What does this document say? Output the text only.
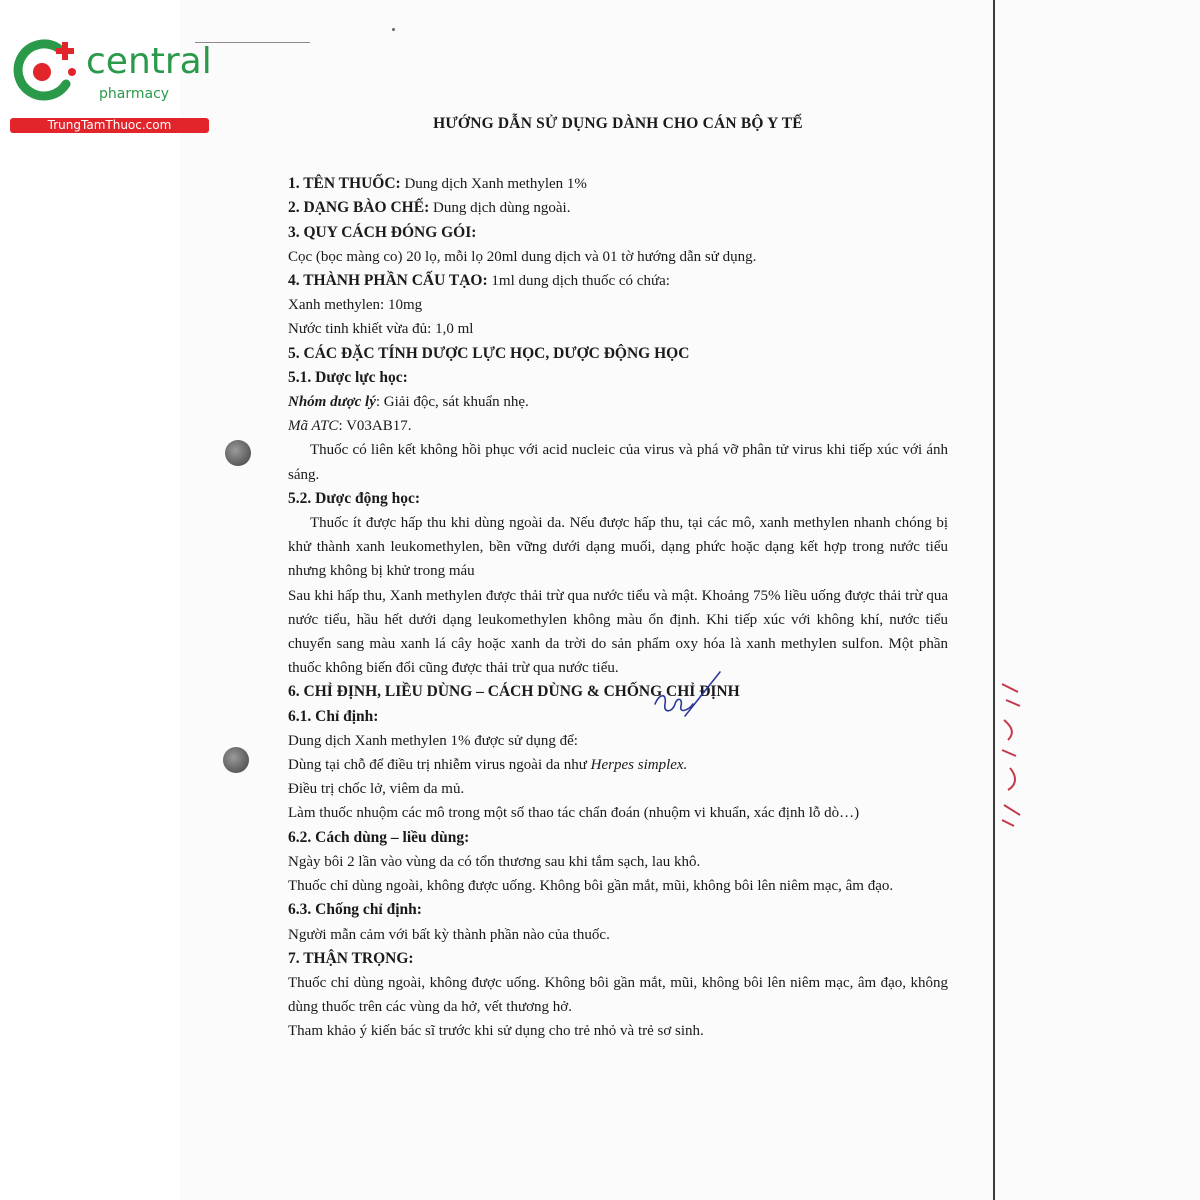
central
pharmacy
TrungTamThuoc.com	HƯỚNG DẪN SỬ DỤNG DÀNH CHO CÁN BỘ Y TẾ

1. TÊN THUỐC: Dung dịch Xanh methylen 1%

2. DẠNG BÀO CHẾ: Dung dịch dùng ngoài.

3. QUY CÁCH ĐÓNG GÓI:

Cọc (bọc màng co) 20 lọ, mỗi lọ 20ml dung dịch và 01 tờ hướng dẫn sử dụng.

4. THÀNH PHẦN CẤU TẠO: 1ml dung dịch thuốc có chứa:

Xanh methylen: 10mg

Nước tinh khiết vừa đủ: 1,0 ml

5. CÁC ĐẶC TÍNH DƯỢC LỰC HỌC, DƯỢC ĐỘNG HỌC

5.1. Dược lực học:

Nhóm dược lý: Giải độc, sát khuẩn nhẹ.

Mã ATC: V03AB17.

Thuốc có liên kết không hồi phục với acid nucleic của virus và phá vỡ phân tử virus khi tiếp xúc với ánh sáng.

5.2. Dược động học:

Thuốc ít được hấp thu khi dùng ngoài da. Nếu được hấp thu, tại các mô, xanh methylen nhanh chóng bị khử thành xanh leukomethylen, bền vững dưới dạng muối, dạng phức hoặc dạng kết hợp trong nước tiểu nhưng không bị khử trong máu

Sau khi hấp thu, Xanh methylen được thải trừ qua nước tiểu và mật. Khoảng 75% liều uống được thải trừ qua nước tiểu, hầu hết dưới dạng leukomethylen không màu ổn định. Khi tiếp xúc với không khí, nước tiểu chuyển sang màu xanh lá cây hoặc xanh da trời do sản phẩm oxy hóa là xanh methylen sulfon. Một phần thuốc không biến đổi cũng được thải trừ qua nước tiểu.

6. CHỈ ĐỊNH, LIỀU DÙNG – CÁCH DÙNG & CHỐNG CHỈ ĐỊNH

6.1. Chỉ định:

Dung dịch Xanh methylen 1% được sử dụng để:

Dùng tại chỗ để điều trị nhiễm virus ngoài da như Herpes simplex.

Điều trị chốc lở, viêm da mủ.

Làm thuốc nhuộm các mô trong một số thao tác chẩn đoán (nhuộm vi khuẩn, xác định lỗ dò…)

6.2. Cách dùng – liều dùng:

Ngày bôi 2 lần vào vùng da có tổn thương sau khi tắm sạch, lau khô.

Thuốc chỉ dùng ngoài, không được uống. Không bôi gần mắt, mũi, không bôi lên niêm mạc, âm đạo.

6.3. Chống chỉ định:

Người mẫn cảm với bất kỳ thành phần nào của thuốc.

7. THẬN TRỌNG:

Thuốc chỉ dùng ngoài, không được uống. Không bôi gần mắt, mũi, không bôi lên niêm mạc, âm đạo, không dùng thuốc trên các vùng da hở, vết thương hở.

Tham khảo ý kiến bác sĩ trước khi sử dụng cho trẻ nhỏ và trẻ sơ sinh.
